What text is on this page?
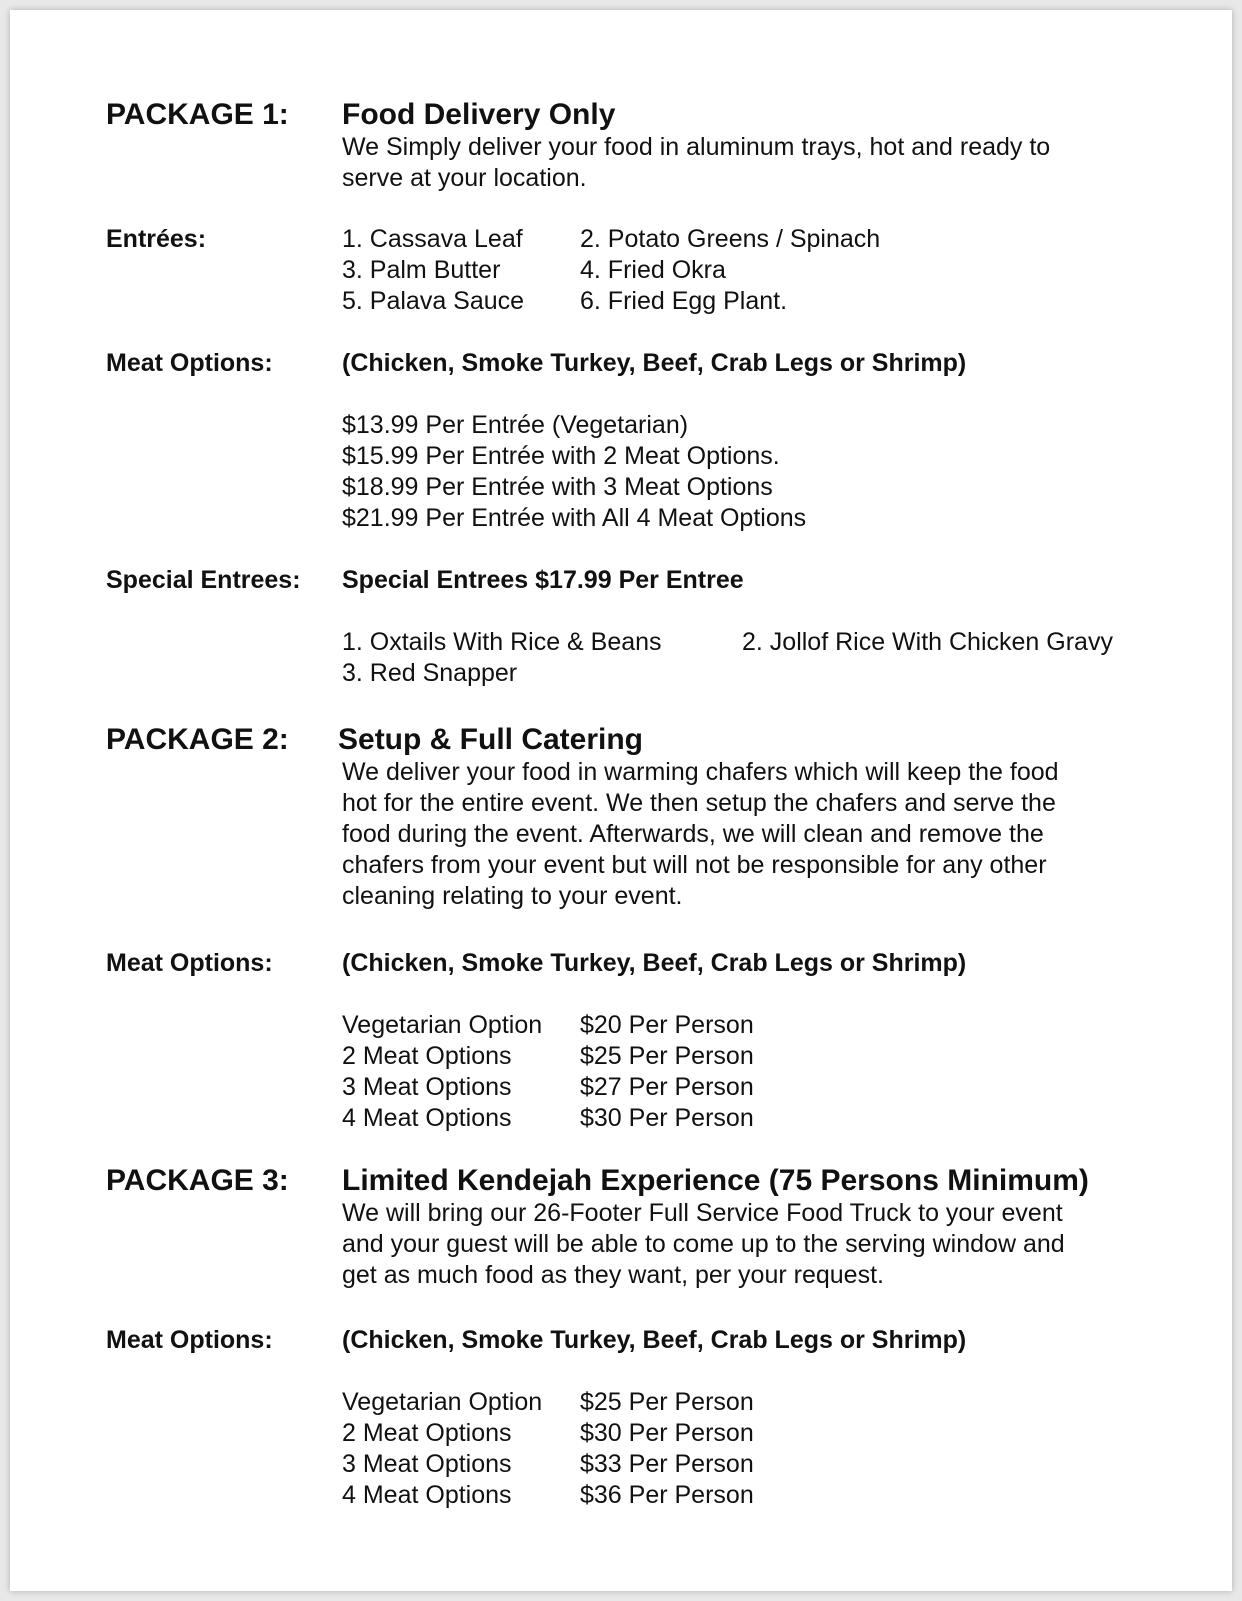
PACKAGE 1: Food Delivery Only
We Simply deliver your food in aluminum trays, hot and ready to
serve at your location.
Entrées:	1. Cassava Leaf 2. Potato Greens / Spinach
3. Palm Butter	4. Fried Okra
5. Palava Sauce 6. Fried Egg Plant.
Meat Options:	(Chicken, Smoke Turkey, Beef, Crab Legs or Shrimp)
$13.99 Per Entrée (Vegetarian)
$15.99 Per Entrée with 2 Meat Options.
$18.99 Per Entrée with 3 Meat Options
$21.99 Per Entrée with All 4 Meat Options
Special Entrees: Special Entrees $17.99 Per Entree
1. Oxtails With Rice & Beans	2. Jollof Rice With Chicken Gravy
3. Red Snapper
PACKAGE 2: Setup & Full Catering
We deliver your food in warming chafers which will keep the food
hot for the entire event. We then setup the chafers and serve the
food during the event. Afterwards, we will clean and remove the
chafers from your event but will not be responsible for any other
cleaning relating to your event.
Meat Options:	(Chicken, Smoke Turkey, Beef, Crab Legs or Shrimp)
Vegetarian Option $20 Per Person
2 Meat Options	$25 Per Person
3 Meat Options	$27 Per Person
4 Meat Options	$30 Per Person
PACKAGE 3: Limited Kendejah Experience (75 Persons Minimum)
We will bring our 26-Footer Full Service Food Truck to your event
and your guest will be able to come up to the serving window and
get as much food as they want, per your request.
Meat Options:	(Chicken, Smoke Turkey, Beef, Crab Legs or Shrimp)
Vegetarian Option $25 Per Person
2 Meat Options	$30 Per Person
3 Meat Options	$33 Per Person
4 Meat Options	$36 Per Person
